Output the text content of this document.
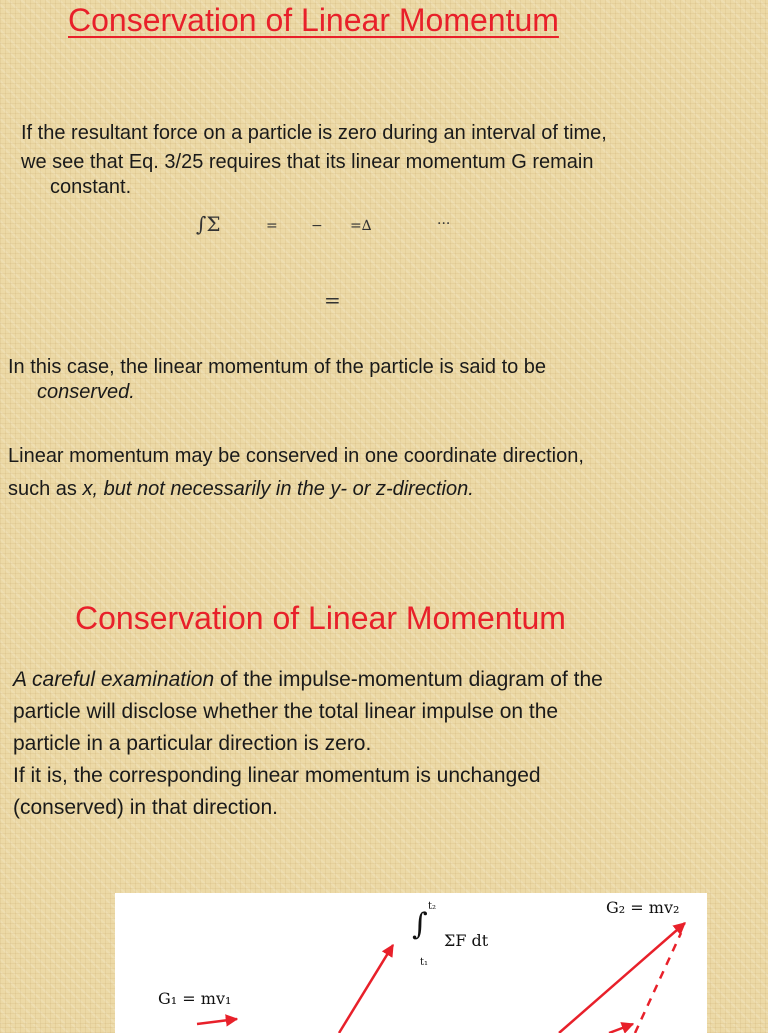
Conservation of Linear Momentum
If the resultant force on a particle is zero during an interval of time,
we see that Eq. 3/25 requires that its linear momentum G remain
constant.
∫Σ	= − =∆	···
=
In this case, the linear momentum of the particle is said to be
conserved.
Linear momentum may be conserved in one coordinate direction,
such as x, but not necessarily in the y- or z-direction.
Conservation of Linear Momentum
A careful examination of the impulse-momentum diagram of the
particle will disclose whether the total linear impulse on the
particle in a particular direction is zero.
If it is, the corresponding linear momentum is unchanged
(conserved) in that direction.
∫
t₂
t₁
ΣF dt
G₁ = mv₁
G₂ = mv₂
